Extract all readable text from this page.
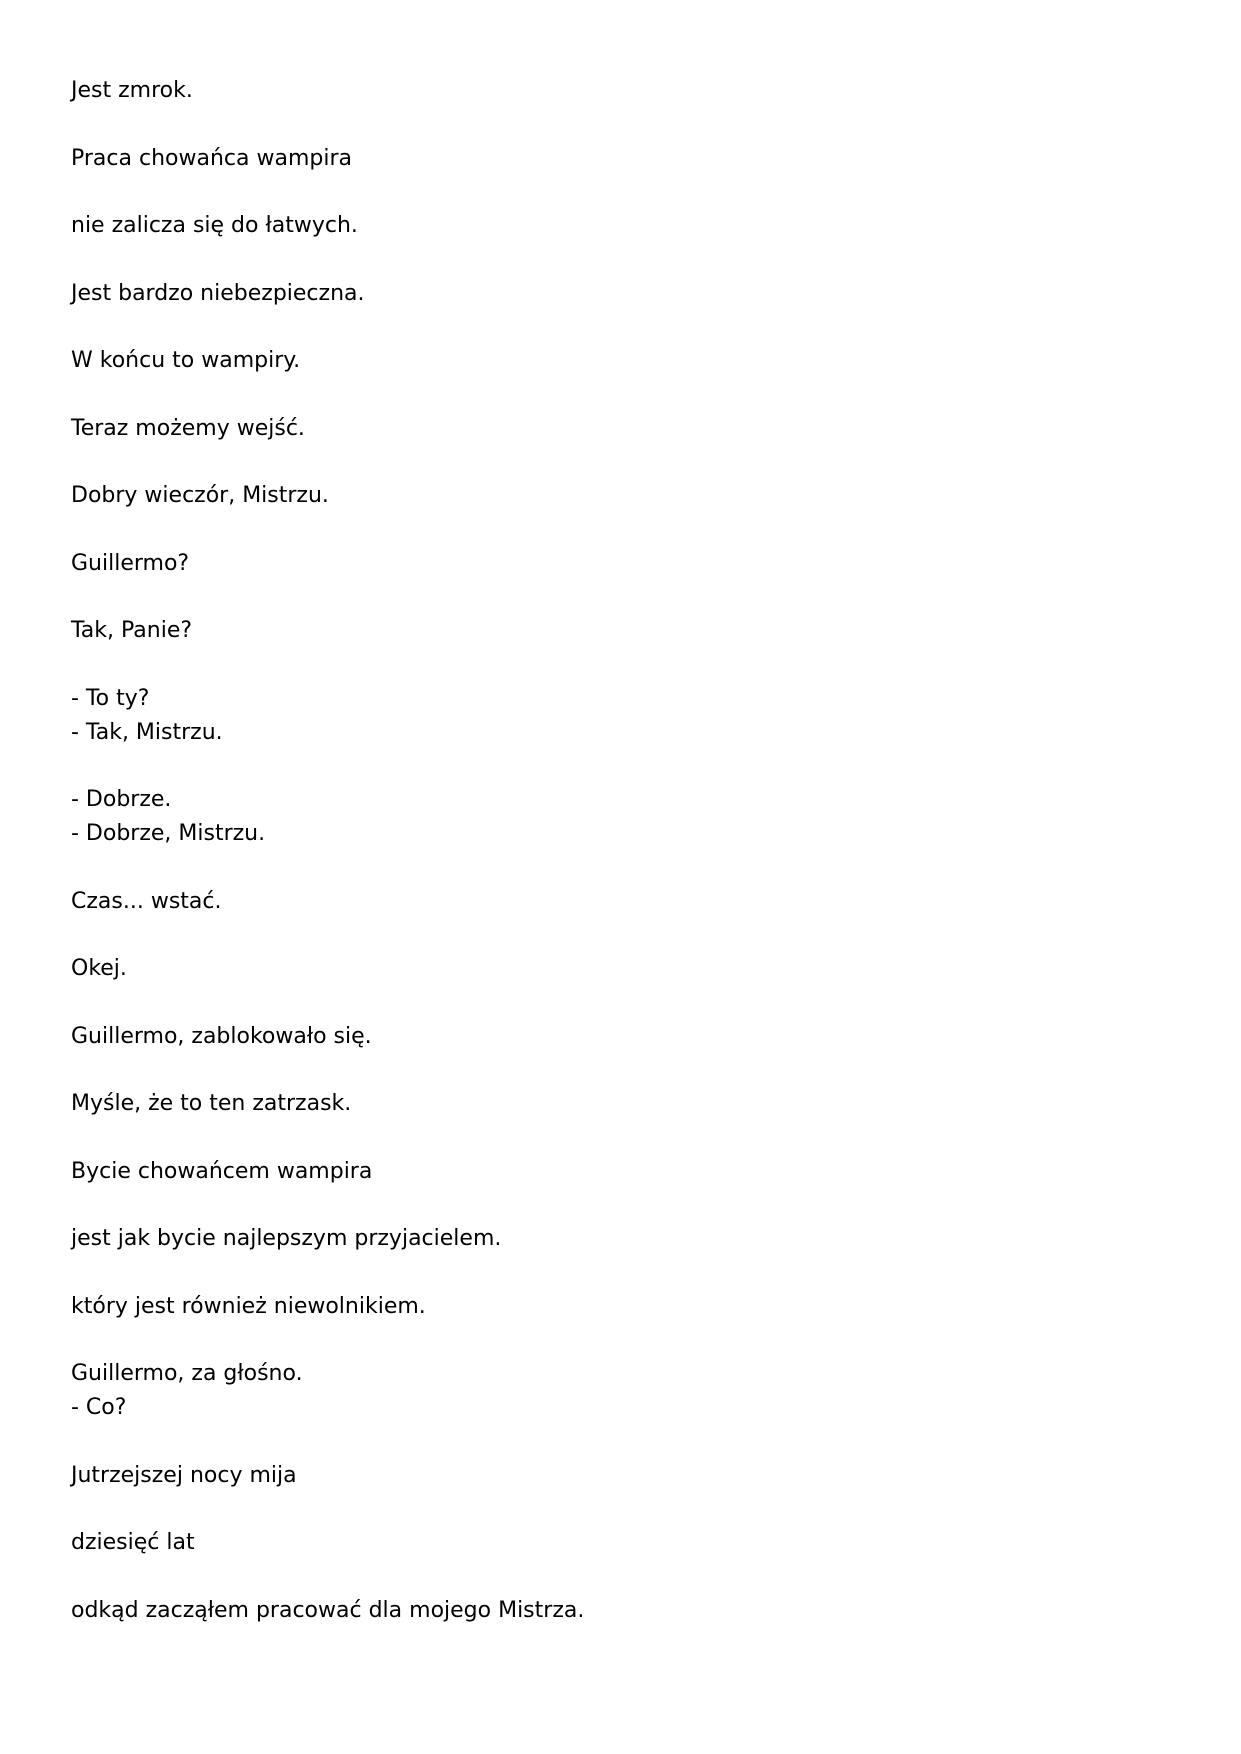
Jest zmrok.

Praca chowańca wampira

nie zalicza się do łatwych.

Jest bardzo niebezpieczna.

W końcu to wampiry.

Teraz możemy wejść.

Dobry wieczór, Mistrzu.

Guillermo?

Tak, Panie?

- To ty?
- Tak, Mistrzu.

- Dobrze.
- Dobrze, Mistrzu.

Czas... wstać.

Okej.

Guillermo, zablokowało się.

Myśle, że to ten zatrzask.

Bycie chowańcem wampira

jest jak bycie najlepszym przyjacielem.

który jest również niewolnikiem.

Guillermo, za głośno.
- Co?

Jutrzejszej nocy mija

dziesięć lat

odkąd zacząłem pracować dla mojego Mistrza.
